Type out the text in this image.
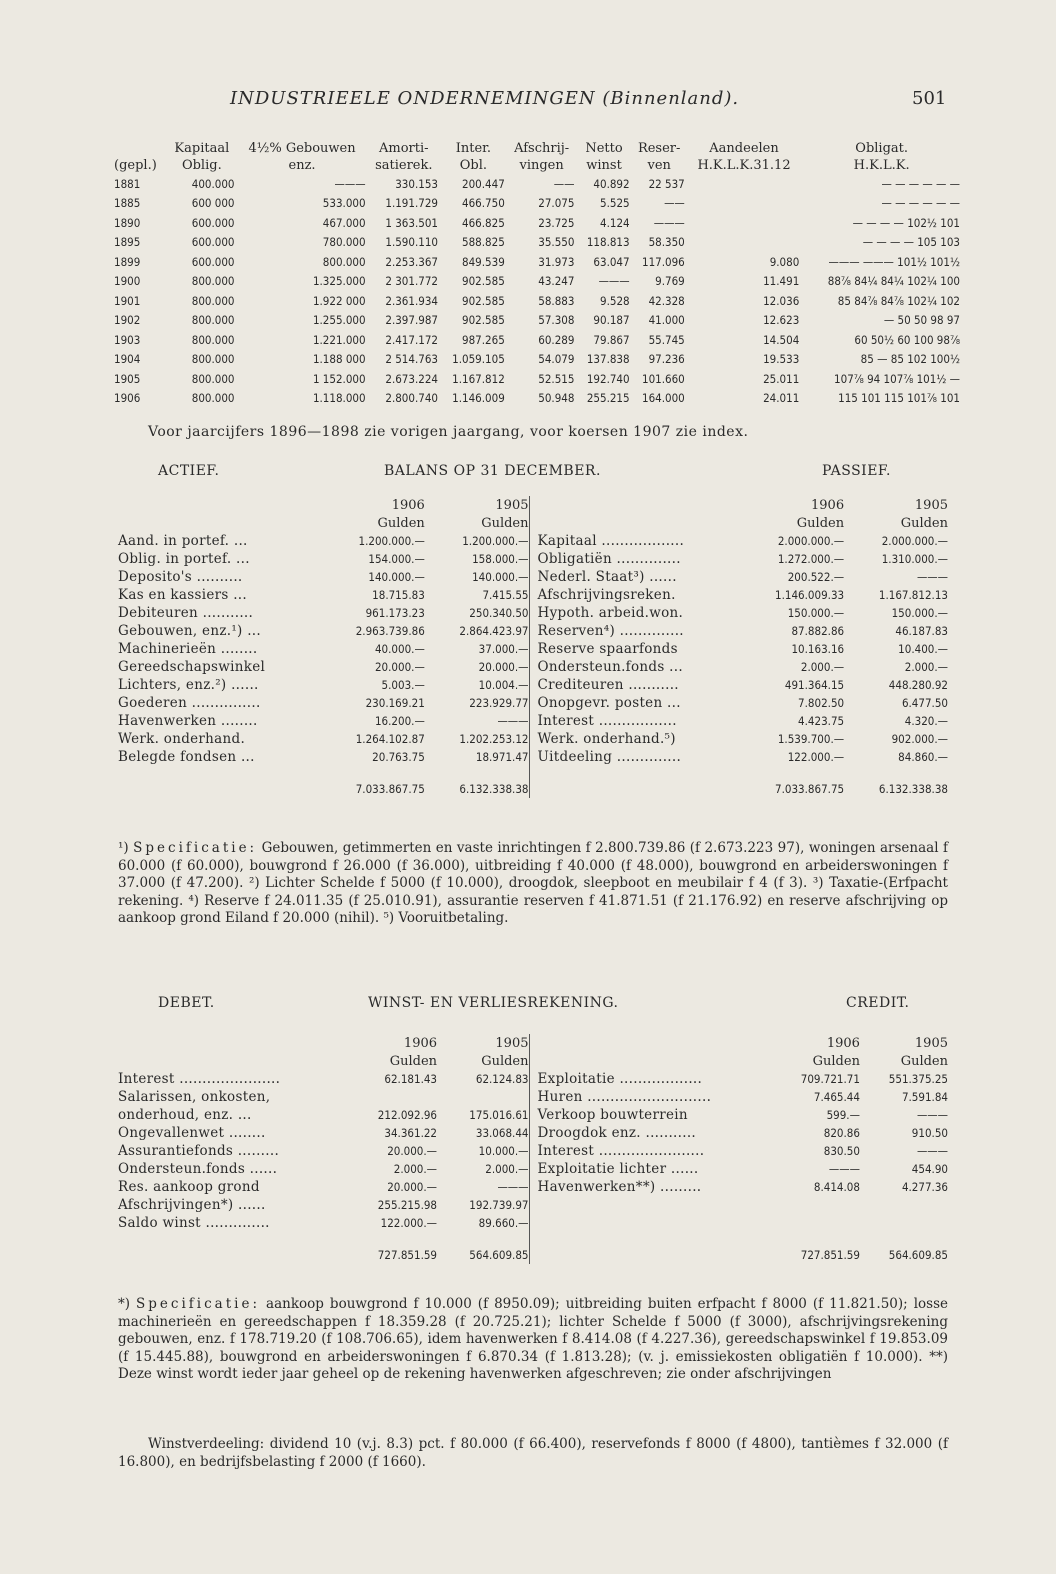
INDUSTRIEELE ONDERNEMINGEN (Binnenland).	501
	Kapitaal	4½% Gebouwen	Amorti-	Inter.	Afschrij-	Netto	Reser-	Aandeelen	Obligat.
(gepl.)	Oblig.	enz.	satierek.	Obl.	vingen	winst	ven	H.K.L.K.31.12	H.K.L.K.
1881	400.000	———	330.153	200.447	——	40.892	22 537		— — — — — —
1885	600 000	533.000	1.191.729	466.750	27.075	5.525	——		— — — — — —
1890	600.000	467.000	1 363.501	466.825	23.725	4.124	———		— — — — 102½ 101
1895	600.000	780.000	1.590.110	588.825	35.550	118.813	58.350		— — — — 105 103
1899	600.000	800.000	2.253.367	849.539	31.973	63.047	117.096	9.080	——— ——— 101½ 101½
1900	800.000	1.325.000	2 301.772	902.585	43.247	———	9.769	11.491	88⅞ 84¼ 84¼ 102¼ 100
1901	800.000	1.922 000	2.361.934	902.585	58.883	9.528	42.328	12.036	85 84⅞ 84⅞ 102¼ 102
1902	800.000	1.255.000	2.397.987	902.585	57.308	90.187	41.000	12.623	— 50 50 98 97
1903	800.000	1.221.000	2.417.172	987.265	60.289	79.867	55.745	14.504	60 50½ 60 100 98⅞
1904	800.000	1.188 000	2 514.763	1.059.105	54.079	137.838	97.236	19.533	85 — 85 102 100½
1905	800.000	1 152.000	2.673.224	1.167.812	52.515	192.740	101.660	25.011	107⅞ 94 107⅞ 101½ —
1906	800.000	1.118.000	2.800.740	1.146.009	50.948	255.215	164.000	24.011	115 101 115 101⅞ 101
Voor jaarcijfers 1896—1898 zie vorigen jaargang, voor koersen 1907 zie index.
ACTIEF.	BALANS OP 31 DECEMBER.	PASSIEF.
	1906	1905
	Gulden	Gulden
Aand. in portef. ...	1.200.000.—	1.200.000.—
Oblig. in portef. ...	154.000.—	158.000.—
Deposito's ..........	140.000.—	140.000.—
Kas en kassiers ...	18.715.83	7.415.55
Debiteuren ...........	961.173.23	250.340.50
Gebouwen, enz.¹) ...	2.963.739.86	2.864.423.97
Machinerieën ........	40.000.—	37.000.—
Gereedschapswinkel	20.000.—	20.000.—
Lichters, enz.²) ......	5.003.—	10.004.—
Goederen ...............	230.169.21	223.929.77
Havenwerken ........	16.200.—	———
Werk. onderhand.	1.264.102.87	1.202.253.12
Belegde fondsen ...	20.763.75	18.971.47
	7.033.867.75	6.132.338.38
	1906	1905
	Gulden	Gulden
Kapitaal ..................	2.000.000.—	2.000.000.—
Obligatiën ..............	1.272.000.—	1.310.000.—
Nederl. Staat³) ......	200.522.—	———
Afschrijvingsreken.	1.146.009.33	1.167.812.13
Hypoth. arbeid.won.	150.000.—	150.000.—
Reserven⁴) ..............	87.882.86	46.187.83
Reserve spaarfonds	10.163.16	10.400.—
Ondersteun.fonds ...	2.000.—	2.000.—
Crediteuren ...........	491.364.15	448.280.92
Onopgevr. posten ...	7.802.50	6.477.50
Interest .................	4.423.75	4.320.—
Werk. onderhand.⁵)	1.539.700.—	902.000.—
Uitdeeling ..............	122.000.—	84.860.—
	7.033.867.75	6.132.338.38
¹) Specificatie: Gebouwen, getimmerten en vaste inrichtingen f 2.800.739.86 (f 2.673.223 97), woningen arsenaal f 60.000 (f 60.000), bouwgrond f 26.000 (f 36.000), uitbreiding f 40.000 (f 48.000), bouwgrond en arbeiderswoningen f 37.000 (f 47.200). ²) Lichter Schelde f 5000 (f 10.000), droogdok, sleepboot en meubilair f 4 (f 3). ³) Taxatie-(Erfpacht rekening. ⁴) Reserve f 24.011.35 (f 25.010.91), assurantie reserven f 41.871.51 (f 21.176.92) en reserve afschrijving op aankoop grond Eiland f 20.000 (nihil). ⁵) Vooruitbetaling.
DEBET.	WINST- EN VERLIESREKENING.	CREDIT.
	1906	1905
	Gulden	Gulden
Interest ......................	62.181.43	62.124.83
Salarissen, onkosten,		
onderhoud, enz. ...	212.092.96	175.016.61
Ongevallenwet ........	34.361.22	33.068.44
Assurantiefonds .........	20.000.—	10.000.—
Ondersteun.fonds ......	2.000.—	2.000.—
Res. aankoop grond	20.000.—	———
Afschrijvingen*) ......	255.215.98	192.739.97
Saldo winst ..............	122.000.—	89.660.—
	727.851.59	564.609.85
	1906	1905
	Gulden	Gulden
Exploitatie ..................	709.721.71	551.375.25
Huren ...........................	7.465.44	7.591.84
Verkoop bouwterrein	599.—	———
Droogdok enz. ...........	820.86	910.50
Interest .......................	830.50	———
Exploitatie lichter ......	———	454.90
Havenwerken**) .........	8.414.08	4.277.36

	727.851.59	564.609.85
*) Specificatie: aankoop bouwgrond f 10.000 (f 8950.09); uitbreiding buiten erfpacht f 8000 (f 11.821.50); losse machinerieën en gereedschappen f 18.359.28 (f 20.725.21); lichter Schelde f 5000 (f 3000), afschrijvingsrekening gebouwen, enz. f 178.719.20 (f 108.706.65), idem havenwerken f 8.414.08 (f 4.227.36), gereedschapswinkel f 19.853.09 (f 15.445.88), bouwgrond en arbeiderswoningen f 6.870.34 (f 1.813.28); (v. j. emissiekosten obligatiën f 10.000). **) Deze winst wordt ieder jaar geheel op de rekening havenwerken afgeschreven; zie onder afschrijvingen
Winstverdeeling: dividend 10 (v.j. 8.3) pct. f 80.000 (f 66.400), reservefonds f 8000 (f 4800), tantièmes f 32.000 (f 16.800), en bedrijfsbelasting f 2000 (f 1660).
